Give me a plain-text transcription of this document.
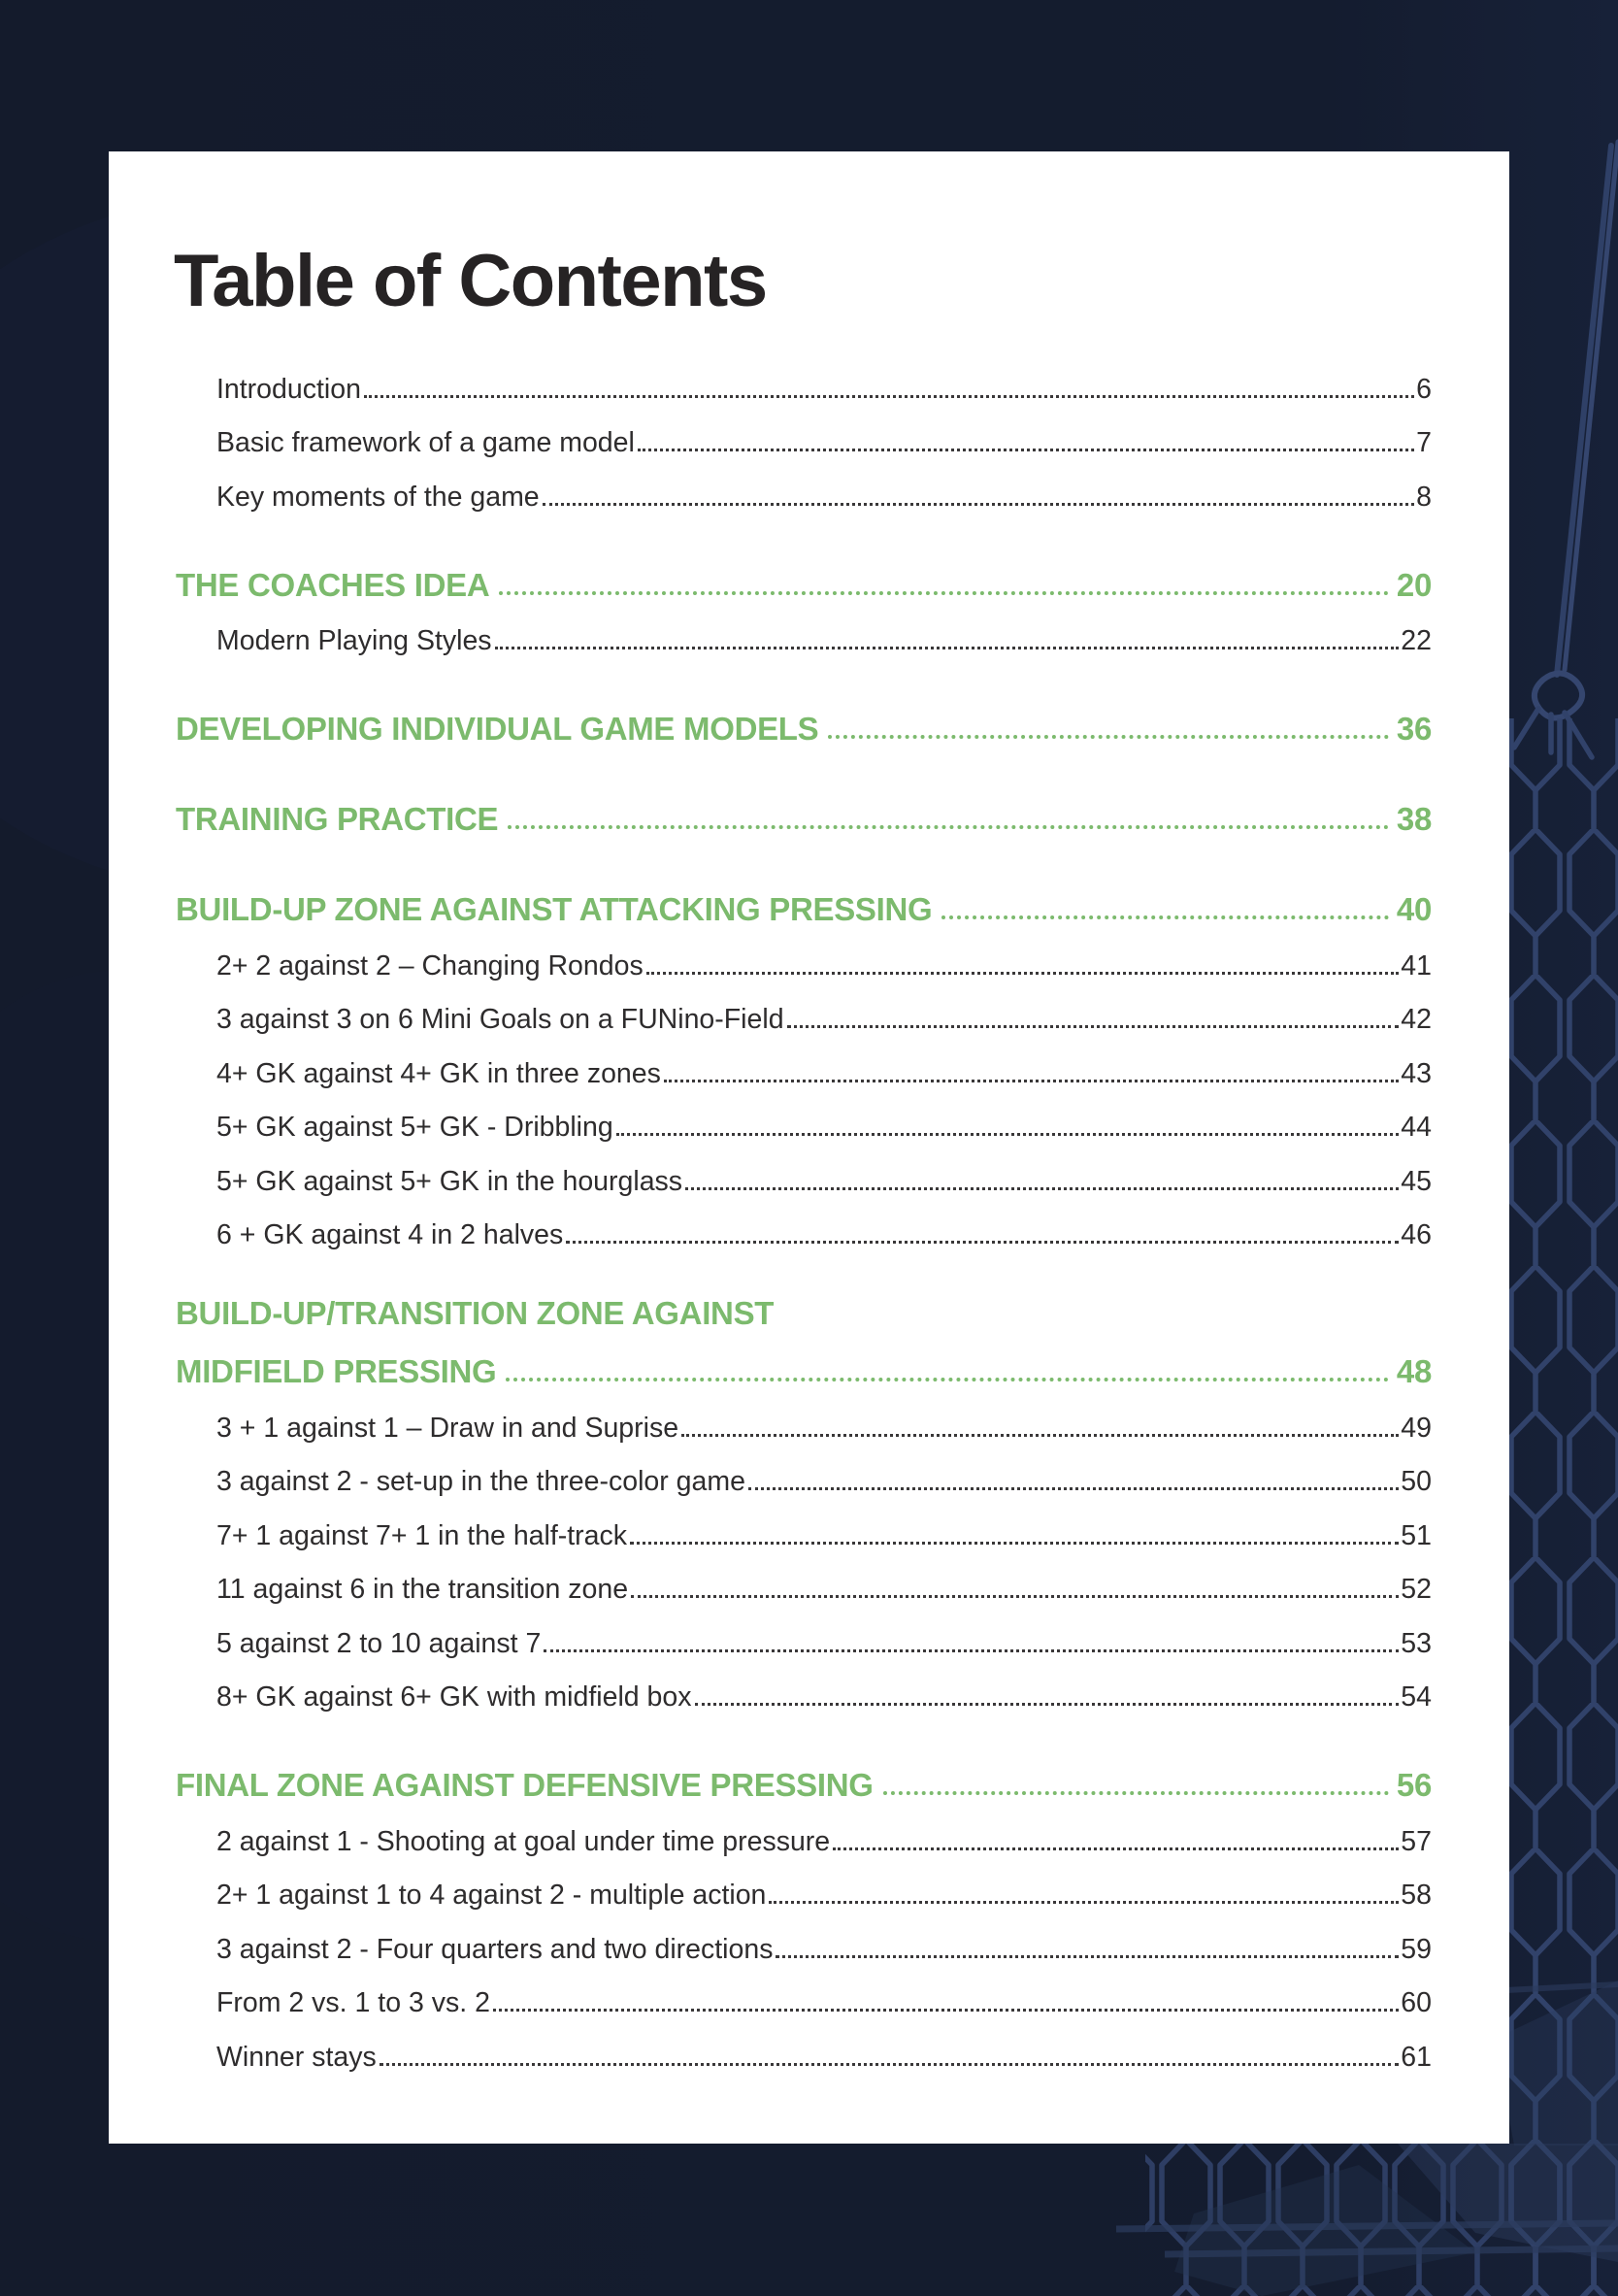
Table of Contents
Introduction	6
Basic framework of a game model	7
Key moments of the game	8
THE COACHES IDEA	20
Modern Playing Styles	22
DEVELOPING INDIVIDUAL GAME MODELS	36
TRAINING PRACTICE	38
BUILD-UP ZONE AGAINST ATTACKING PRESSING	40
2+ 2 against 2 – Changing Rondos	41
3 against 3 on 6 Mini Goals on a FUNino-Field	42
4+ GK against 4+ GK in three zones	43
5+ GK against 5+ GK - Dribbling	44
5+ GK against 5+ GK in the hourglass	45
6 + GK against 4 in 2 halves	46
BUILD-UP/TRANSITION ZONE AGAINST
MIDFIELD PRESSING	48
3 + 1 against 1 – Draw in and Suprise	49
3 against 2 - set-up in the three-color game	50
7+ 1 against 7+ 1 in the half-track	51
11 against 6 in the transition zone	52
5 against 2 to 10 against 7	53
8+ GK against 6+ GK with midfield box	54
FINAL ZONE AGAINST DEFENSIVE PRESSING	56
2 against 1 - Shooting at goal under time pressure	57
2+ 1 against 1 to 4 against 2 - multiple action	58
3 against 2 - Four quarters and two directions	59
From 2 vs. 1 to 3 vs. 2	60
Winner stays	61
